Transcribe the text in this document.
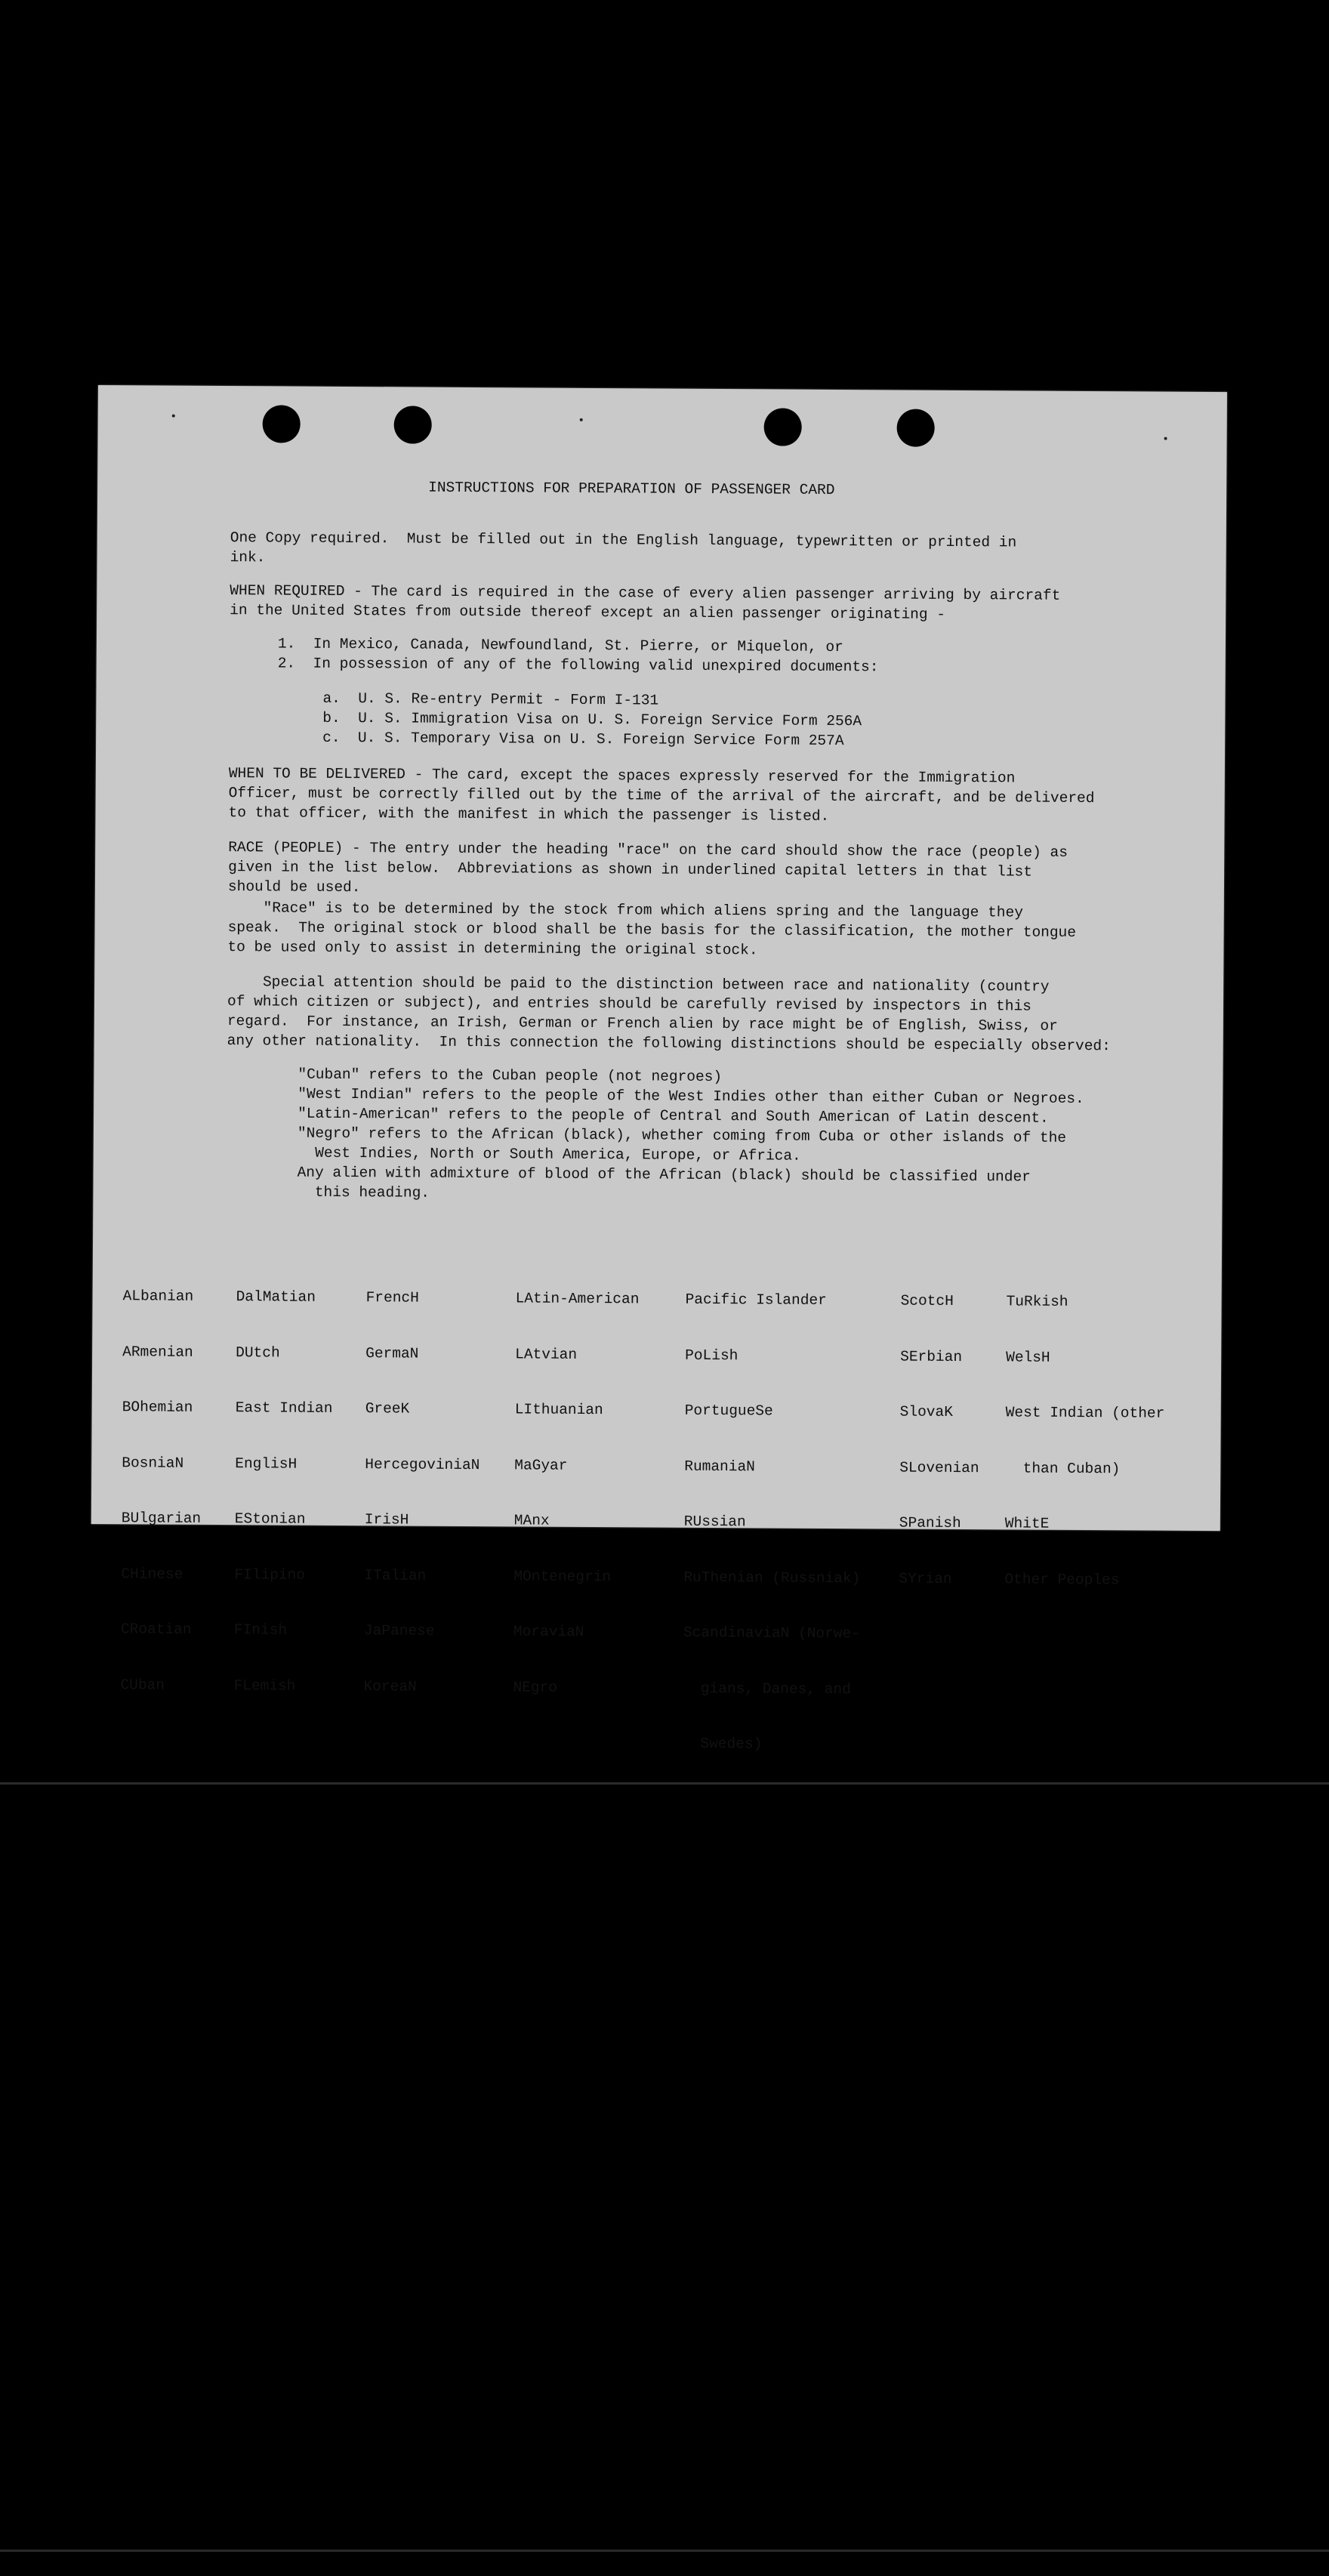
INSTRUCTIONS FOR PREPARATION OF PASSENGER CARD
One Copy required.  Must be filled out in the English language, typewritten or printed in
ink.
WHEN REQUIRED - The card is required in the case of every alien passenger arriving by aircraft
in the United States from outside thereof except an alien passenger originating -
1.  In Mexico, Canada, Newfoundland, St. Pierre, or Miquelon, or
2.  In possession of any of the following valid unexpired documents:
a.  U. S. Re-entry Permit - Form I-131
b.  U. S. Immigration Visa on U. S. Foreign Service Form 256A
c.  U. S. Temporary Visa on U. S. Foreign Service Form 257A
WHEN TO BE DELIVERED - The card, except the spaces expressly reserved for the Immigration
Officer, must be correctly filled out by the time of the arrival of the aircraft, and be delivered
to that officer, with the manifest in which the passenger is listed.
RACE (PEOPLE) - The entry under the heading "race" on the card should show the race (people) as
given in the list below.  Abbreviations as shown in underlined capital letters in that list
should be used.
"Race" is to be determined by the stock from which aliens spring and the language they
speak.  The original stock or blood shall be the basis for the classification, the mother tongue
to be used only to assist in determining the original stock.
Special attention should be paid to the distinction between race and nationality (country
of which citizen or subject), and entries should be carefully revised by inspectors in this
regard.  For instance, an Irish, German or French alien by race might be of English, Swiss, or
any other nationality.  In this connection the following distinctions should be especially observed:
"Cuban" refers to the Cuban people (not negroes)
"West Indian" refers to the people of the West Indies other than either Cuban or Negroes.
"Latin-American" refers to the people of Central and South American of Latin descent.
"Negro" refers to the African (black), whether coming from Cuba or other islands of the
West Indies, North or South America, Europe, or Africa.
Any alien with admixture of blood of the African (black) should be classified under
this heading.

ALbanian

ARmenian

BOhemian

BosniaN

BUlgarian

CHinese

CRoatian

CUban

DalMatian

DUtch

East Indian

EnglisH

EStonian

FIlipino

FInish

FLemish

FrencH

GermaN

GreeK

HercegoviniaN

IrisH

ITalian

JaPanese

KoreaN

LAtin-American

LAtvian

LIthuanian

MaGyar

MAnx

MOntenegrin

MoraviaN

NEgro

Pacific Islander

PoLish

PortugueSe

RumaniaN

RUssian

RuThenian (Russniak)

ScandinaviaN (Norwe-

gians, Danes, and

Swedes)

ScotcH

SErbian

SlovaK

SLovenian

SPanish

SYrian

TuRkish

WelsH

West Indian (other

than Cuban)

WhitE

Other Peoples
